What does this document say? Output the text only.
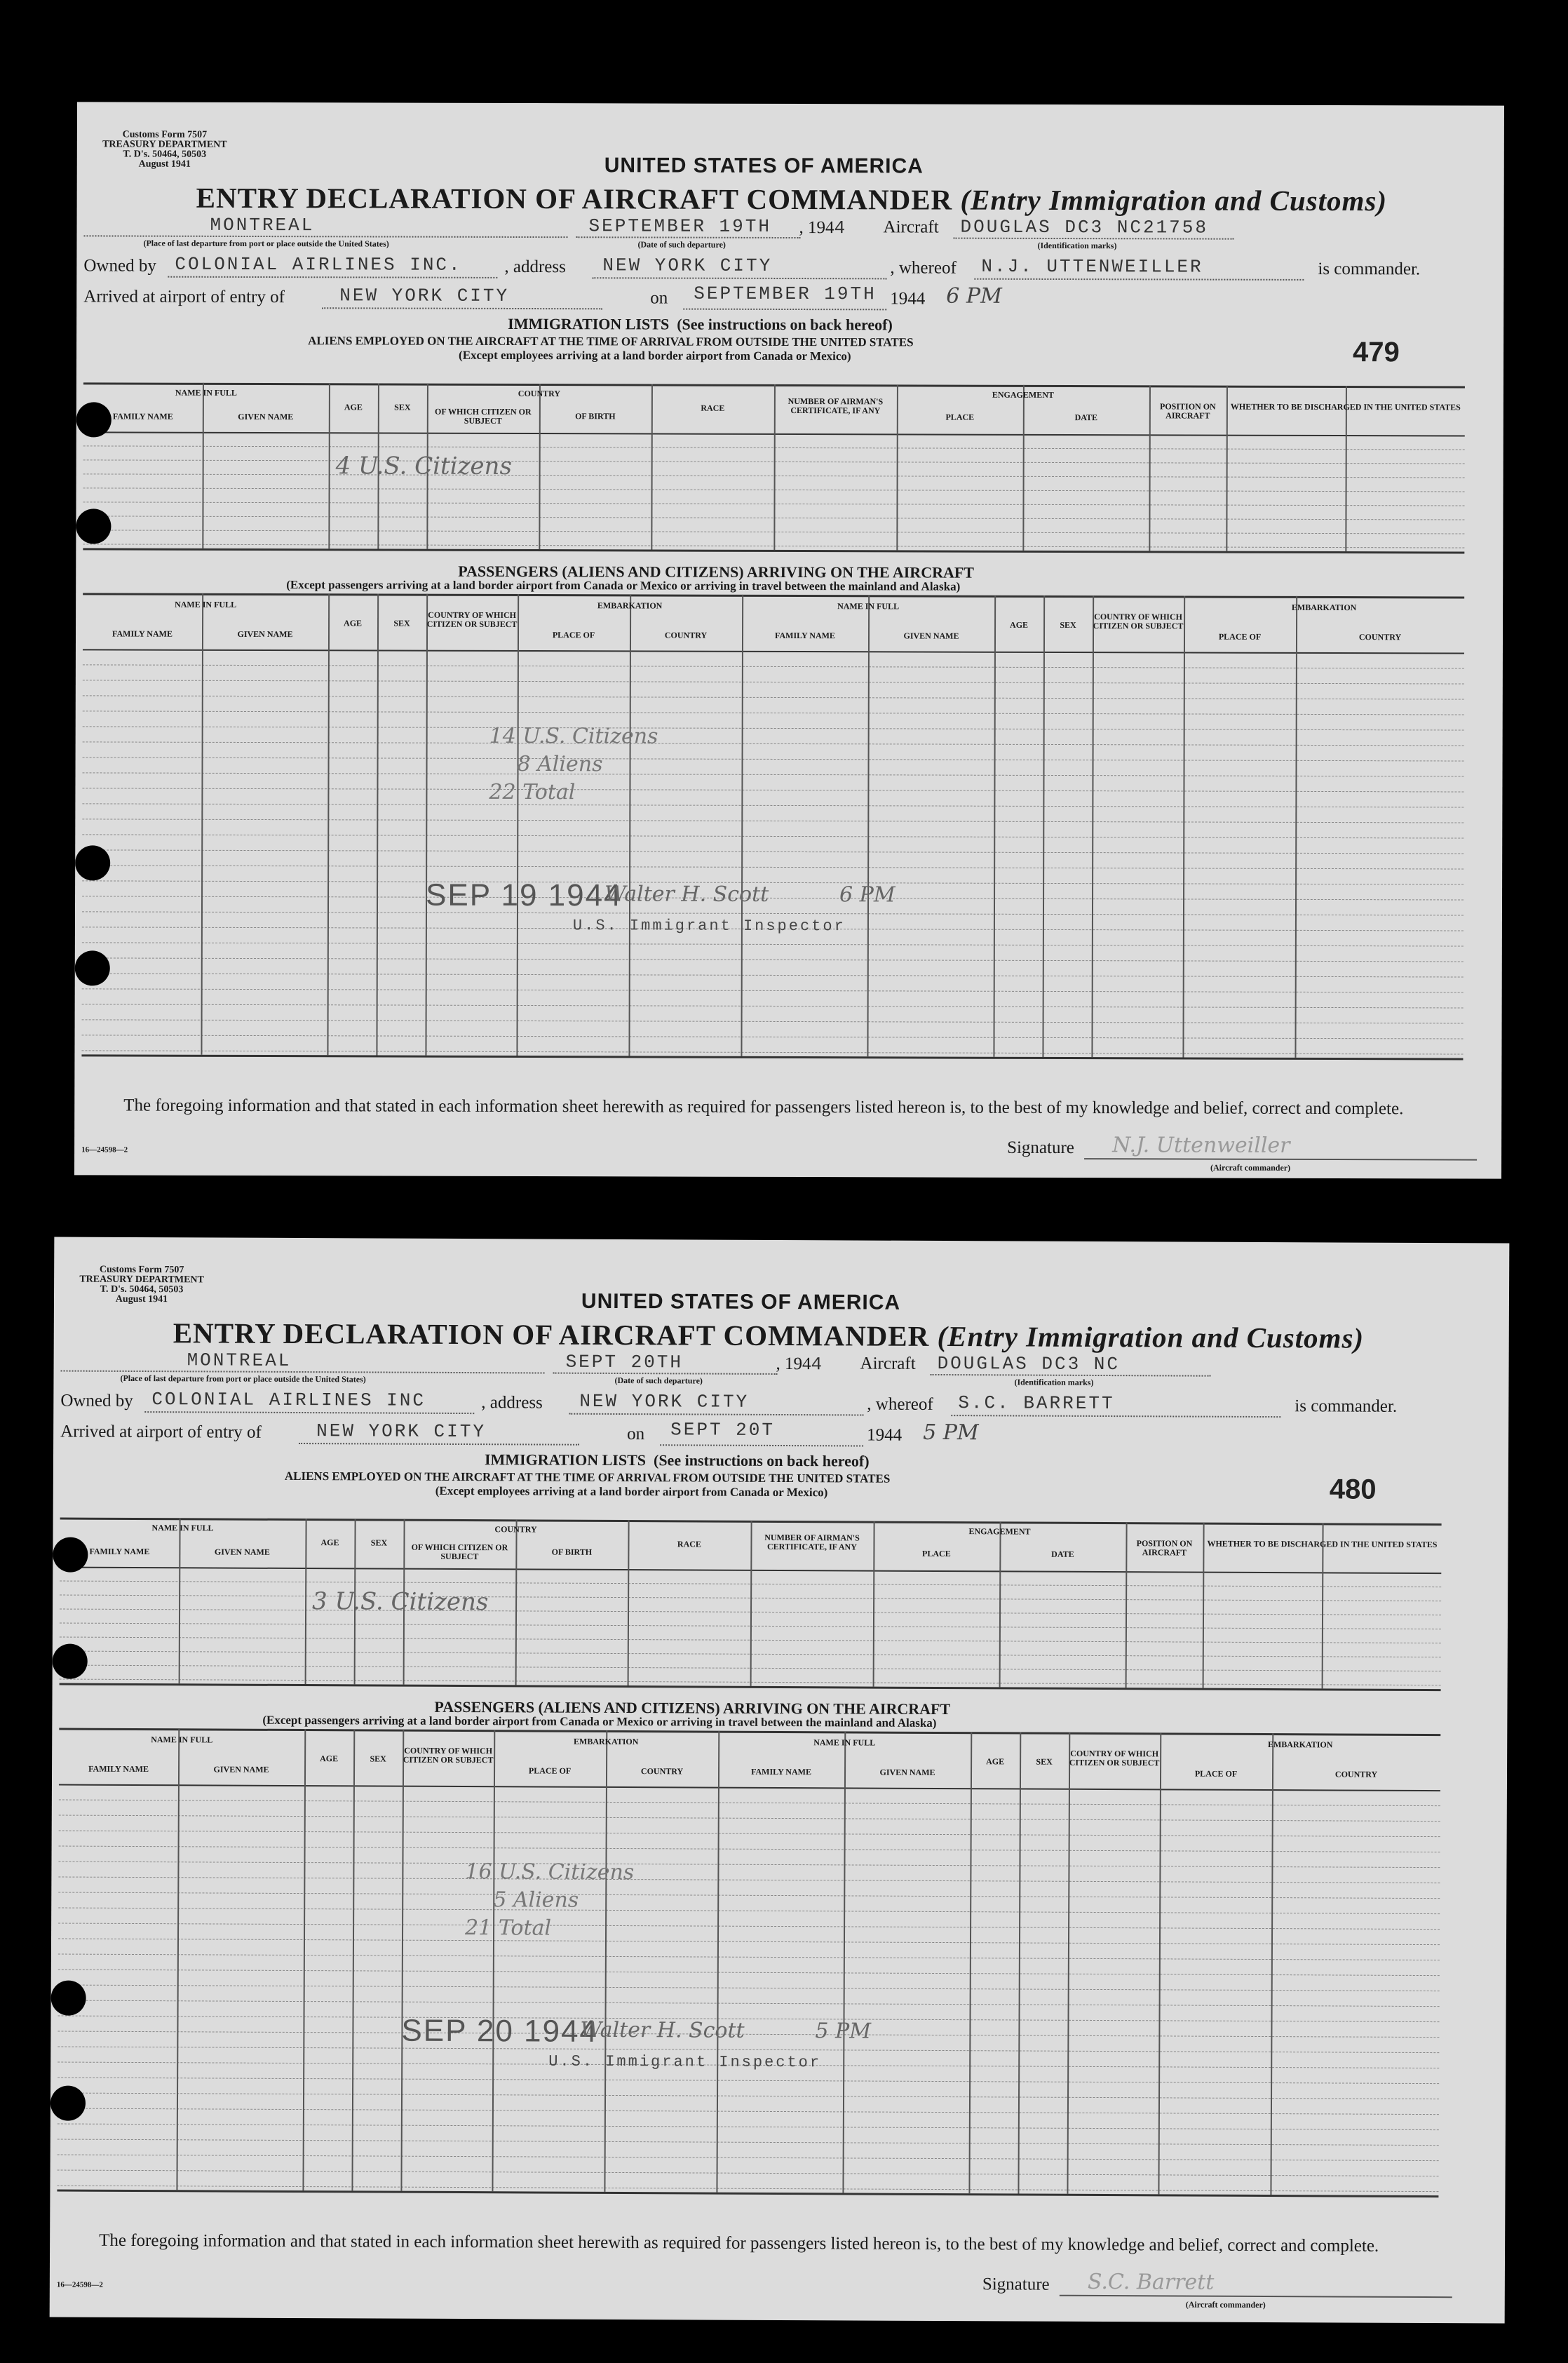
Customs Form 7507
TREASURY DEPARTMENT
T. D's. 50464, 50503
August 1941	UNITED STATES OF AMERICA
ENTRY DECLARATION OF AIRCRAFT COMMANDER (Entry Immigration and Customs)
MONTREAL
(Place of last departure from port or place outside the United States)
SEPTEMBER 19TH
(Date of such departure)
, 1944 Aircraft DOUGLAS DC3 NC21758
(Identification marks)
Owned by COLONIAL AIRLINES INC. , address NEW YORK CITY	, whereof N.J. UTTENWEILLER	is commander.
Arrived at airport of entry of	NEW YORK CITY	on SEPTEMBER 19TH 1944 6 PM
IMMIGRATION LISTS (See instructions on back hereof)
ALIENS EMPLOYED ON THE AIRCRAFT AT THE TIME OF ARRIVAL FROM OUTSIDE THE UNITED STATES
(Except employees arriving at a land border airport from Canada or Mexico)	479
NAME IN FULL
FAMILY NAME	GIVEN NAME
AGE	SEX
COUNTRY
OF WHICH CITIZEN OR SUBJECT	OF BIRTH
RACE
NUMBER OF AIRMAN'S CERTIFICATE, IF ANY
ENGAGEMENT
PLACE	DATE
POSITION ON AIRCRAFT
WHETHER TO BE DISCHARGED IN THE UNITED STATES
4 U.S. Citizens
PASSENGERS (ALIENS AND CITIZENS) ARRIVING ON THE AIRCRAFT
(Except passengers arriving at a land border airport from Canada or Mexico or arriving in travel between the mainland and Alaska)
NAME IN FULL
FAMILY NAME	GIVEN NAME
AGE	SEX
COUNTRY OF WHICH CITIZEN OR SUBJECT
EMBARKATION
PLACE OF	COUNTRY
NAME IN FULL
FAMILY NAME	GIVEN NAME
AGE	SEX
COUNTRY OF WHICH CITIZEN OR SUBJECT
EMBARKATION
PLACE OF	COUNTRY
14 U.S. Citizens
8 Aliens
22 Total
SEP 19 1944
Walter H. Scott	6 PM
U.S. Immigrant Inspector
The foregoing information and that stated in each information sheet herewith as required for passengers listed hereon is, to the best of my knowledge and belief, correct and complete.
16—24598—2	Signature N.J. Uttenweiller
(Aircraft commander)
Customs Form 7507
TREASURY DEPARTMENT
T. D's. 50464, 50503
August 1941	UNITED STATES OF AMERICA
ENTRY DECLARATION OF AIRCRAFT COMMANDER (Entry Immigration and Customs)
MONTREAL
(Place of last departure from port or place outside the United States)
SEPT 20TH
(Date of such departure)
, 1944 Aircraft DOUGLAS DC3 NC
(Identification marks)
Owned by COLONIAL AIRLINES INC	, address NEW YORK CITY	, whereof S.C. BARRETT	is commander.
Arrived at airport of entry of	NEW YORK CITY	on SEPT 20T	1944 5 PM
IMMIGRATION LISTS (See instructions on back hereof)
ALIENS EMPLOYED ON THE AIRCRAFT AT THE TIME OF ARRIVAL FROM OUTSIDE THE UNITED STATES
(Except employees arriving at a land border airport from Canada or Mexico)	480
NAME IN FULL
FAMILY NAME	GIVEN NAME
AGE	SEX
COUNTRY
OF WHICH CITIZEN OR SUBJECT	OF BIRTH
RACE
NUMBER OF AIRMAN'S CERTIFICATE, IF ANY
ENGAGEMENT
PLACE	DATE
POSITION ON AIRCRAFT
WHETHER TO BE DISCHARGED IN THE UNITED STATES
3 U.S. Citizens
PASSENGERS (ALIENS AND CITIZENS) ARRIVING ON THE AIRCRAFT
(Except passengers arriving at a land border airport from Canada or Mexico or arriving in travel between the mainland and Alaska)
NAME IN FULL
FAMILY NAME	GIVEN NAME
AGE	SEX
COUNTRY OF WHICH CITIZEN OR SUBJECT
EMBARKATION
PLACE OF	COUNTRY
NAME IN FULL
FAMILY NAME	GIVEN NAME
AGE	SEX
COUNTRY OF WHICH CITIZEN OR SUBJECT
EMBARKATION
PLACE OF	COUNTRY
16 U.S. Citizens
5 Aliens
21 Total
SEP 20 1944
Walter H. Scott	5 PM
U.S. Immigrant Inspector
The foregoing information and that stated in each information sheet herewith as required for passengers listed hereon is, to the best of my knowledge and belief, correct and complete.
16—24598—2	Signature S.C. Barrett
(Aircraft commander)
